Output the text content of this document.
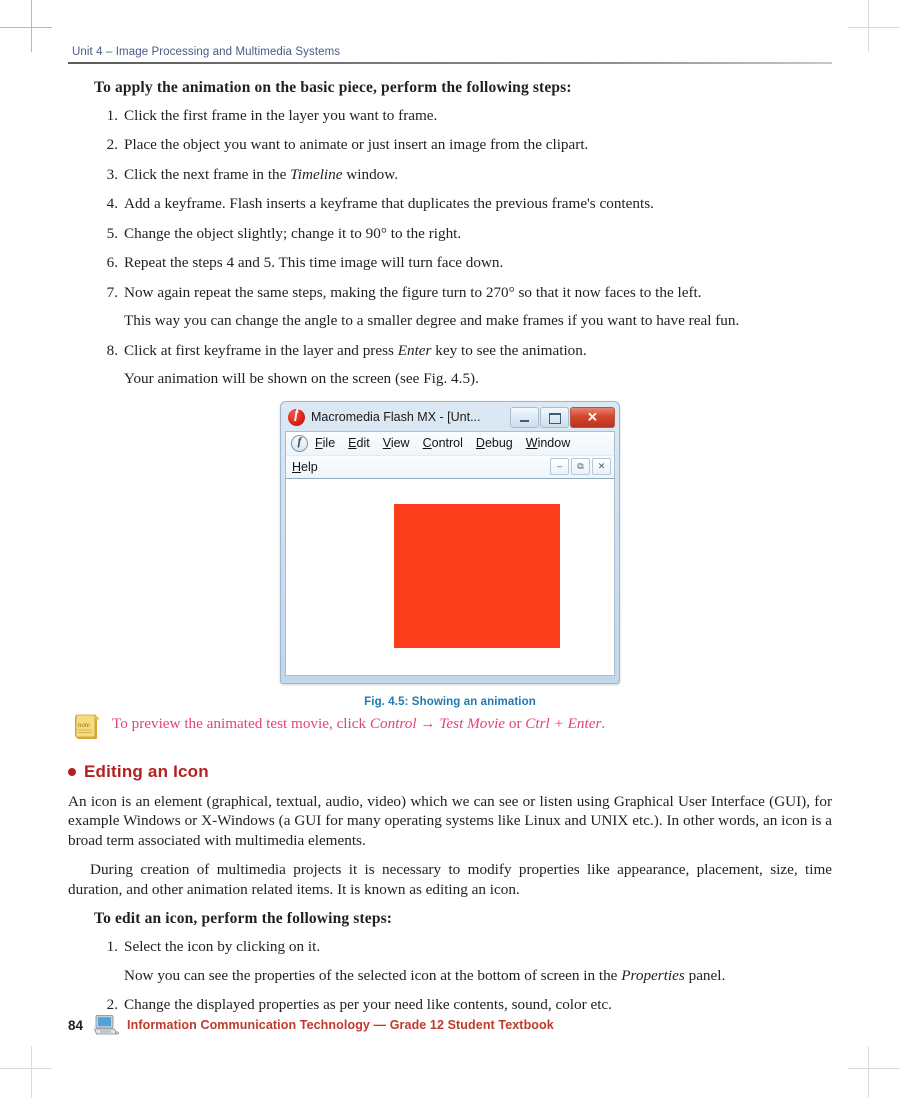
Unit 4 – Image Processing and Multimedia Systems
To apply the animation on the basic piece, perform the following steps:
1. Click the first frame in the layer you want to frame.
2. Place the object you want to animate or just insert an image from the clipart.
3. Click the next frame in the Timeline window.
4. Add a keyframe. Flash inserts a keyframe that duplicates the previous frame's contents.
5. Change the object slightly; change it to 90° to the right.
6. Repeat the steps 4 and 5. This time image will turn face down.
7. Now again repeat the same steps, making the figure turn to 270° so that it now faces to the left.
This way you can change the angle to a smaller degree and make frames if you want to have real fun.
8. Click at first keyframe in the layer and press Enter key to see the animation.
Your animation will be shown on the screen (see Fig. 4.5).
f
Macromedia Flash MX - [Unt...	✕
f
File Edit View Control Debug Window
Help	–	⧉	✕
Fig. 4.5: Showing an animation
note To preview the animated test movie, click Control → Test Movie or Ctrl + Enter.
Editing an Icon

An icon is an element (graphical, textual, audio, video) which we can see or listen using Graphical User Interface (GUI), for example Windows or X-Windows (a GUI for many operating systems like Linux and UNIX etc.). In other words, an icon is a broad term associated with multimedia elements.

During creation of multimedia projects it is necessary to modify properties like appearance, placement, size, time duration, and other animation related items. It is known as editing an icon.

To edit an icon, perform the following steps:
1. Select the icon by clicking on it.
Now you can see the properties of the selected icon at the bottom of screen in the Properties panel.
2. Change the displayed properties as per your need like contents, sound, color etc.
84	Information Communication Technology — Grade 12 Student Textbook
